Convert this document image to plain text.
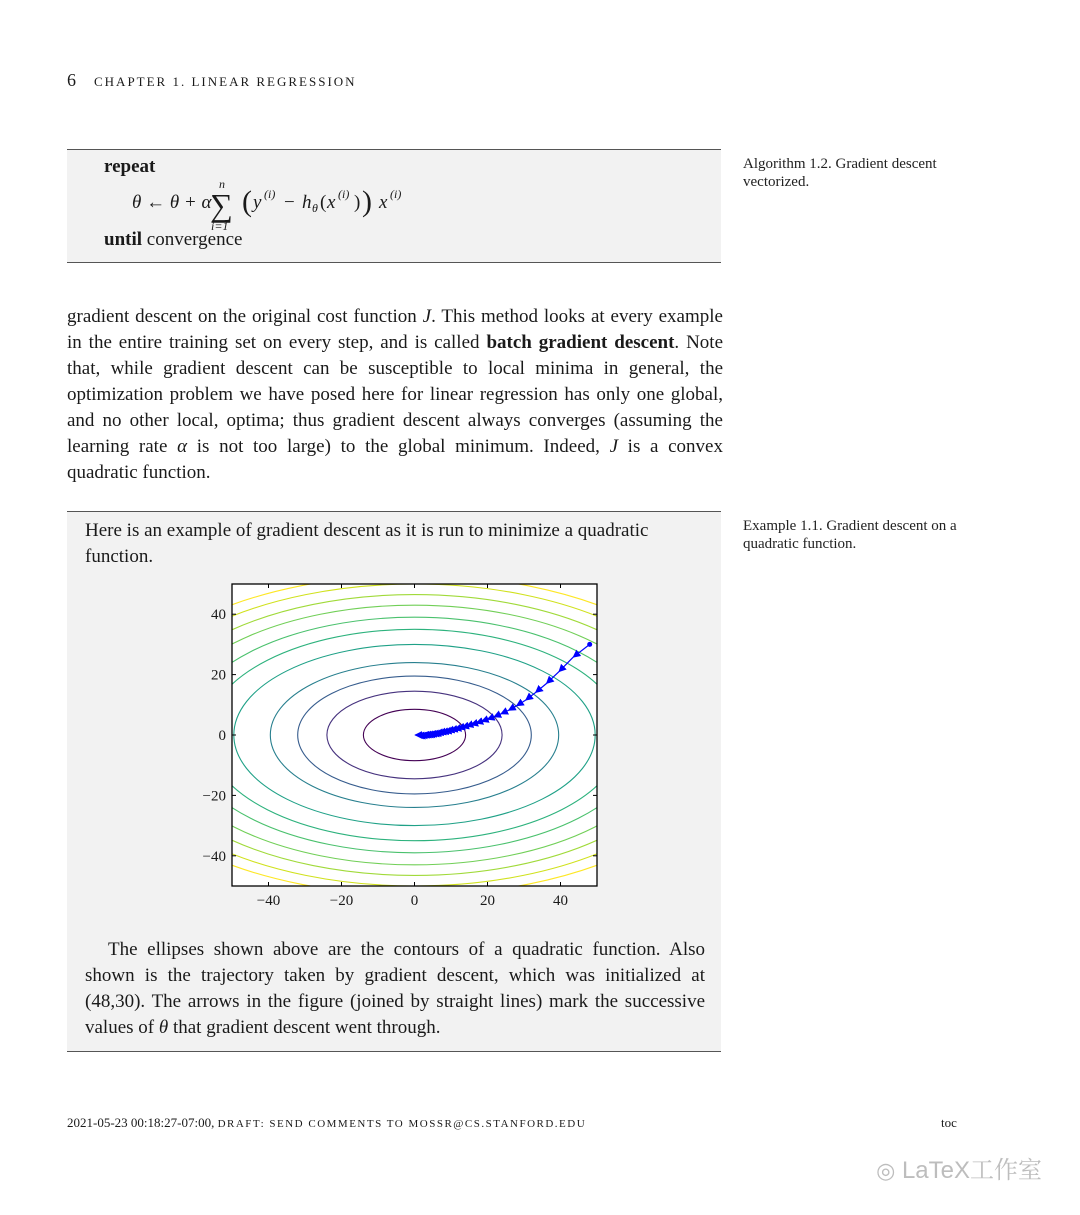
6 CHAPTER 1. LINEAR REGRESSION
repeat
θ ← θ + α
n
∑
i=1
( y (i) − h θ ( x (i) ) ) x (i)
until convergence
Algorithm 1.2. Gradient descent vectorized.
gradient descent on the original cost function J. This method looks at every example in the entire training set on every step, and is called batch gradient descent. Note that, while gradient descent can be susceptible to local minima in general, the optimization problem we have posed here for linear regression has only one global, and no other local, optima; thus gradient descent always converges (assuming the learning rate α is not too large) to the global minimum. Indeed, J is a convex quadratic function.
Here is an example of gradient descent as it is run to minimize a quadratic function.
−40	−20	0	20	40
40
20
0
−20
−40
The ellipses shown above are the contours of a quadratic function. Also shown is the trajectory taken by gradient descent, which was initialized at (48,30). The arrows in the figure (joined by straight lines) mark the successive values of θ that gradient descent went through.
Example 1.1. Gradient descent on a quadratic function.
2021-05-23 00:18:27-07:00, DRAFT: SEND COMMENTS TO MOSSR@CS.STANFORD.EDU	toc
◎ LaTeX工作室
